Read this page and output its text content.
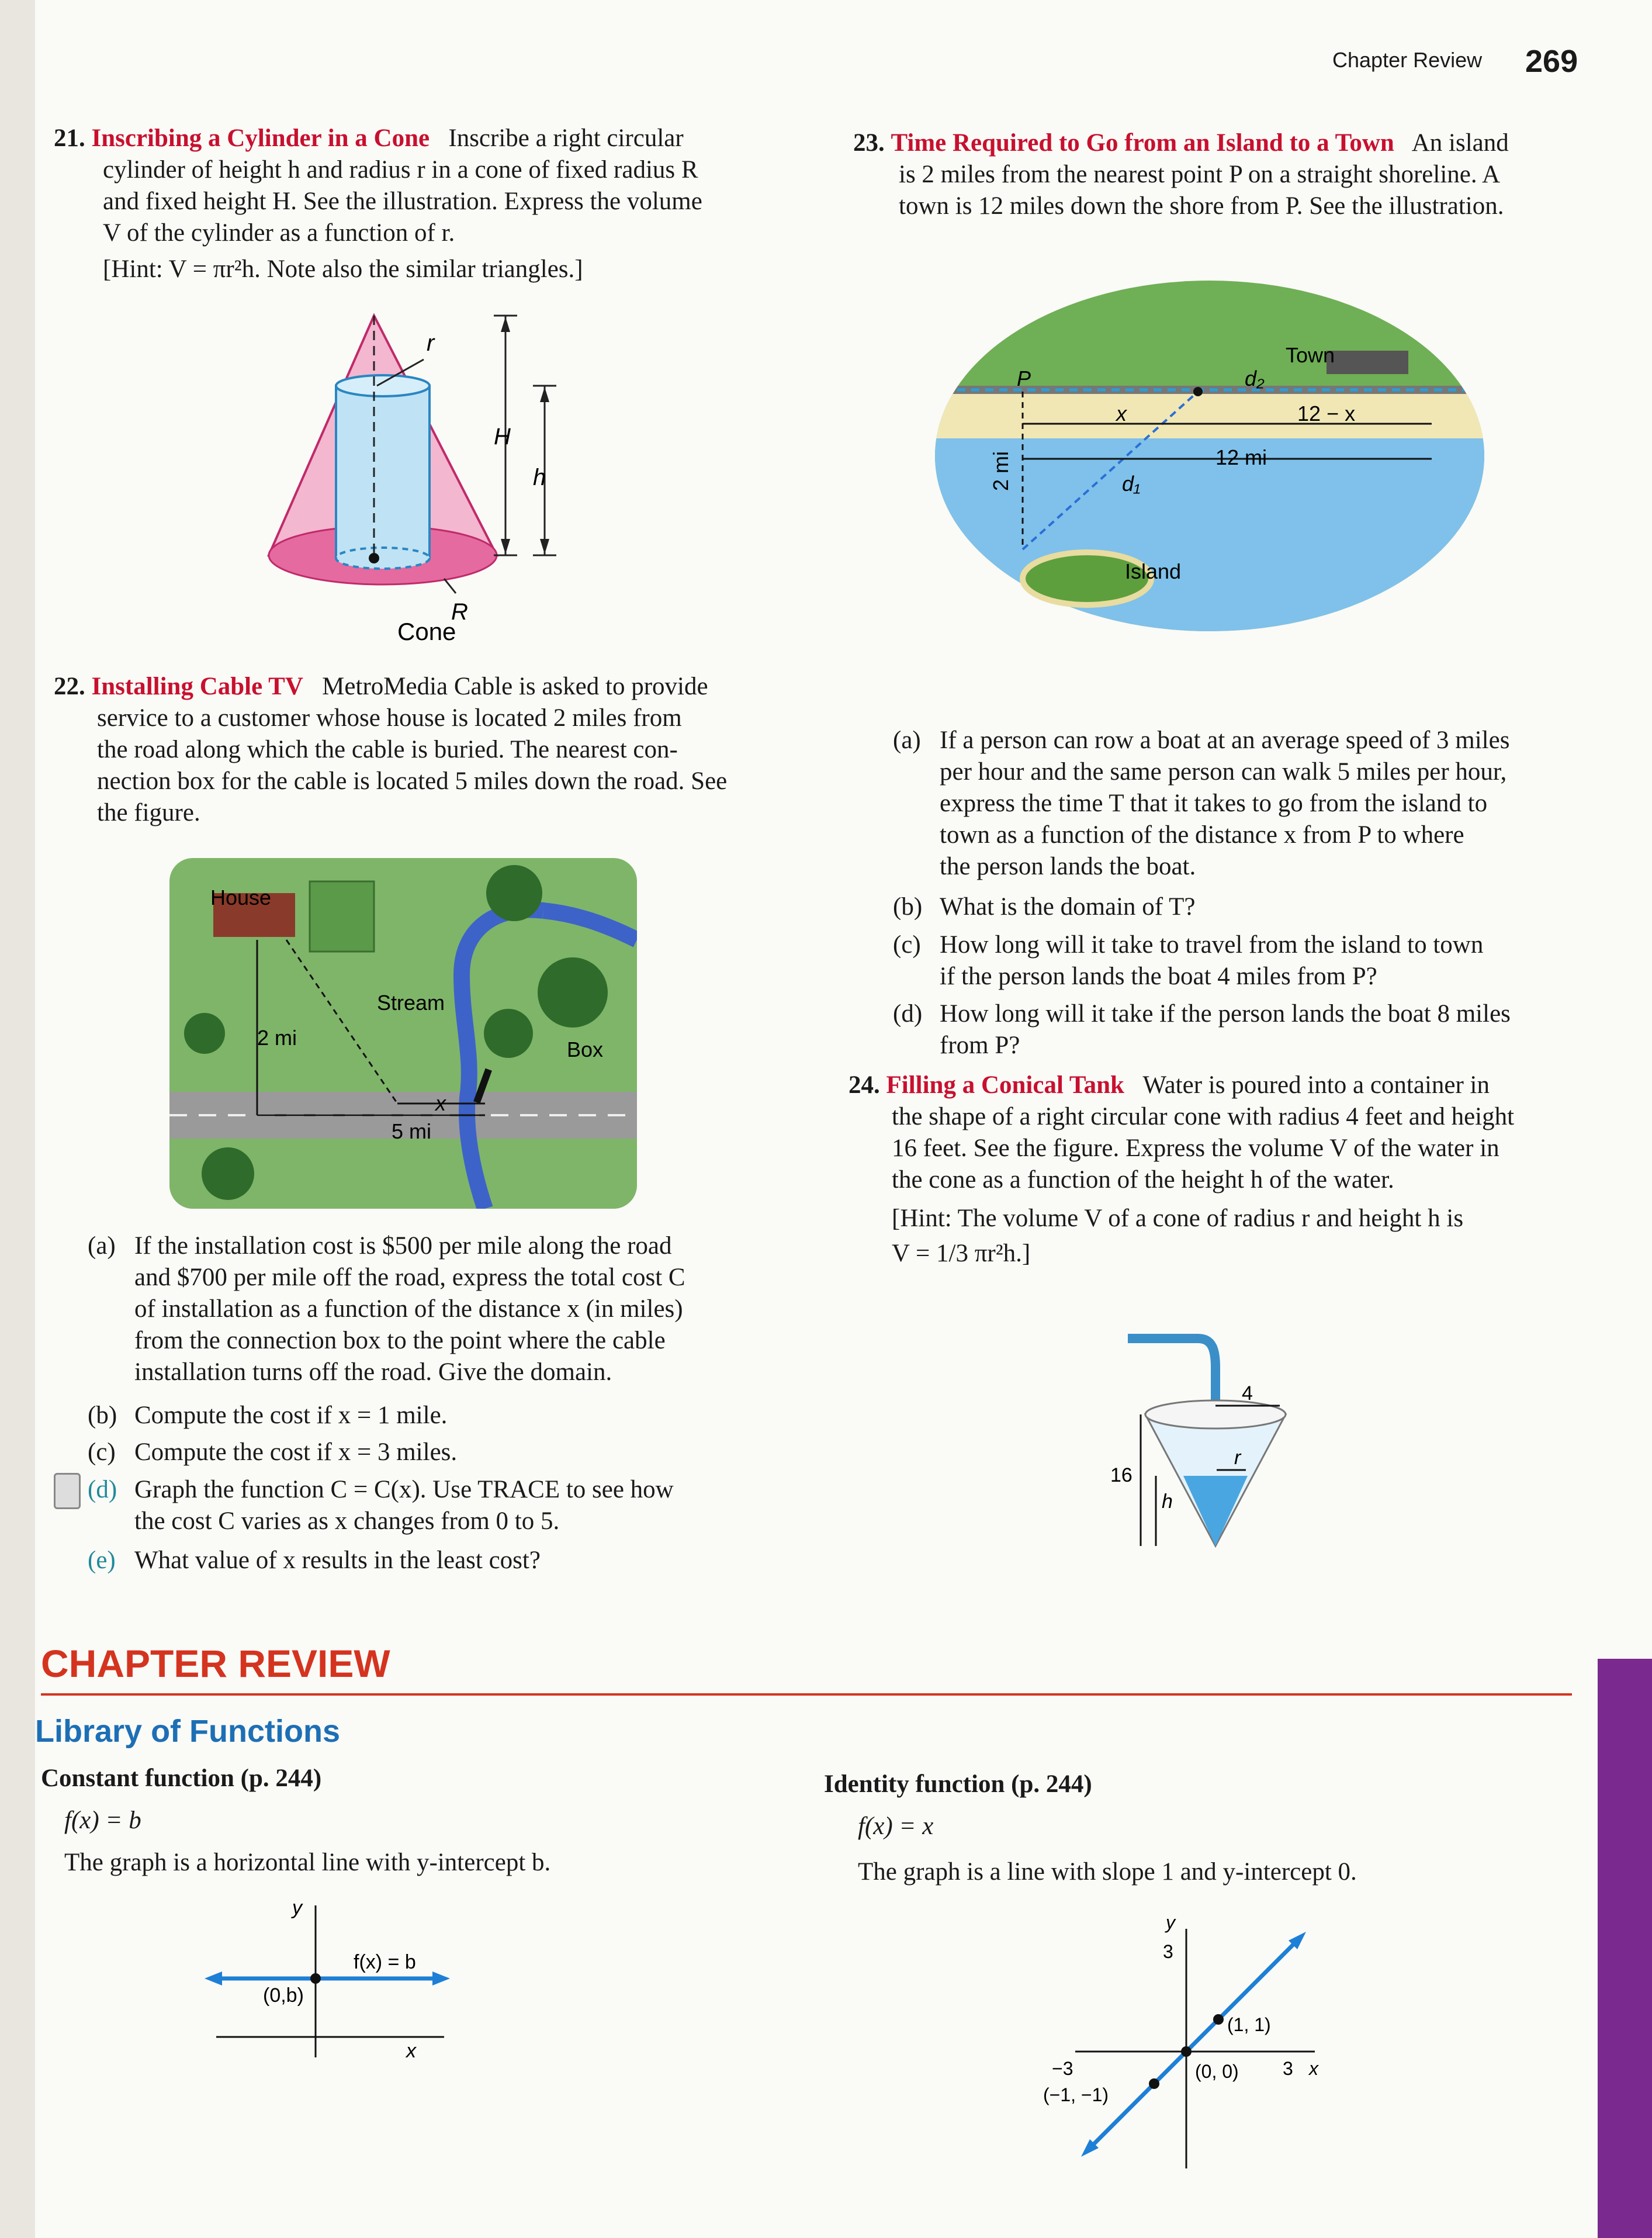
Chapter Review 269
21. Inscribing a Cylinder in a Cone Inscribe a right circular
cylinder of height h and radius r in a cone of fixed radius R
and fixed height H. See the illustration. Express the volume
V of the cylinder as a function of r.
[Hint: V = πr²h. Note also the similar triangles.]
r
H
h
R
Cone
22. Installing Cable TV MetroMedia Cable is asked to provide
service to a customer whose house is located 2 miles from
the road along which the cable is buried. The nearest con-
nection box for the cable is located 5 miles down the road. See
the figure.
House
Stream
Box
2 mi
5 mi
x
(a) If the installation cost is $500 per mile along the road
and $700 per mile off the road, express the total cost C
of installation as a function of the distance x (in miles)
from the connection box to the point where the cable
installation turns off the road. Give the domain.
(b) Compute the cost if x = 1 mile.
(c) Compute the cost if x = 3 miles.
(d) Graph the function C = C(x). Use TRACE to see how
the cost C varies as x changes from 0 to 5.
(e) What value of x results in the least cost?
23. Time Required to Go from an Island to a Town An island
is 2 miles from the nearest point P on a straight shoreline. A
town is 12 miles down the shore from P. See the illustration.
P
Town
d₂
d₁
x	12 − x
12 mi
2 mi
Island
(a) If a person can row a boat at an average speed of 3 miles
per hour and the same person can walk 5 miles per hour,
express the time T that it takes to go from the island to
town as a function of the distance x from P to where
the person lands the boat.
(b) What is the domain of T?
(c) How long will it take to travel from the island to town
if the person lands the boat 4 miles from P?
(d) How long will it take if the person lands the boat 8 miles
from P?
24. Filling a Conical Tank Water is poured into a container in
the shape of a right circular cone with radius 4 feet and height
16 feet. See the figure. Express the volume V of the water in
the cone as a function of the height h of the water.
[Hint: The volume V of a cone of radius r and height h is
V = 1/3 πr²h.]
4
16
r
h
CHAPTER REVIEW
Library of Functions
Constant function (p. 244)
f(x) = b
The graph is a horizontal line with y-intercept b.
y
x
f(x) = b
(0,b)
Identity function (p. 244)
f(x) = x
The graph is a line with slope 1 and y-intercept 0.
y
3
3 x
−3
(1, 1)
(0, 0)
(−1, −1)
